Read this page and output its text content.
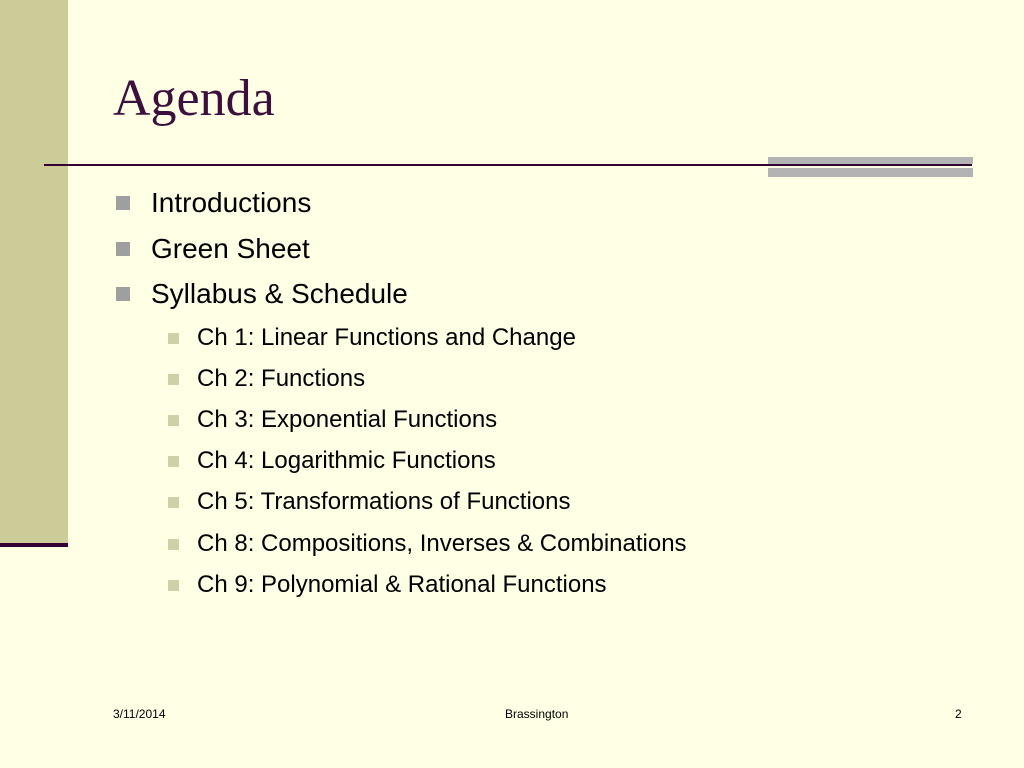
Agenda
Introductions
Green Sheet
Syllabus & Schedule
Ch 1: Linear Functions and Change
Ch 2: Functions
Ch 3: Exponential Functions
Ch 4: Logarithmic Functions
Ch 5: Transformations of Functions
Ch 8: Compositions, Inverses & Combinations
Ch 9: Polynomial & Rational Functions
3/11/2014	Brassington	2
